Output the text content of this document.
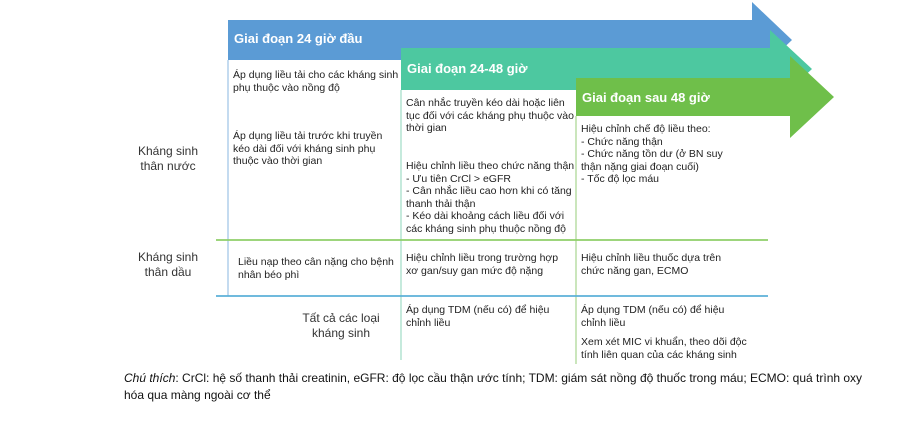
Giai đoạn 24 giờ đầu
Giai đoạn 24-48 giờ
Giai đoạn sau 48 giờ
Kháng sinh
thân nước
Kháng sinh
thân dầu
Tất cả các loại
kháng sinh
Áp dụng liều tải cho các kháng sinh
phụ thuộc vào nồng độ
Áp dụng liều tải trước khi truyền
kéo dài đối với kháng sinh phụ
thuộc vào thời gian
Liều nạp theo cân nặng cho bệnh
nhân béo phì
Cân nhắc truyền kéo dài hoặc liên
tục đối với các kháng phụ thuộc vào
thời gian
Hiệu chỉnh liều theo chức năng thận
- Ưu tiên CrCl > eGFR
- Cân nhắc liều cao hơn khi có tăng
thanh thải thận
- Kéo dài khoảng cách liều đối với
các kháng sinh phụ thuộc nồng độ
Hiệu chỉnh liều trong trường hợp
xơ gan/suy gan mức độ nặng
Áp dụng TDM (nếu có) để hiệu
chỉnh liều
Hiệu chỉnh chế độ liều theo:
- Chức năng thận
- Chức năng tồn dư (ở BN suy
thận nặng giai đoạn cuối)
- Tốc độ lọc máu
Hiệu chỉnh liều thuốc dựa trên
chức năng gan, ECMO
Áp dụng TDM (nếu có) để hiệu
chỉnh liều
Xem xét MIC vi khuẩn, theo dõi độc
tính liên quan của các kháng sinh
Chú thích: CrCl: hệ số thanh thải creatinin, eGFR: độ lọc cầu thận ước tính; TDM: giám sát nồng độ thuốc trong máu; ECMO: quá trình oxy hóa qua màng ngoài cơ thể
